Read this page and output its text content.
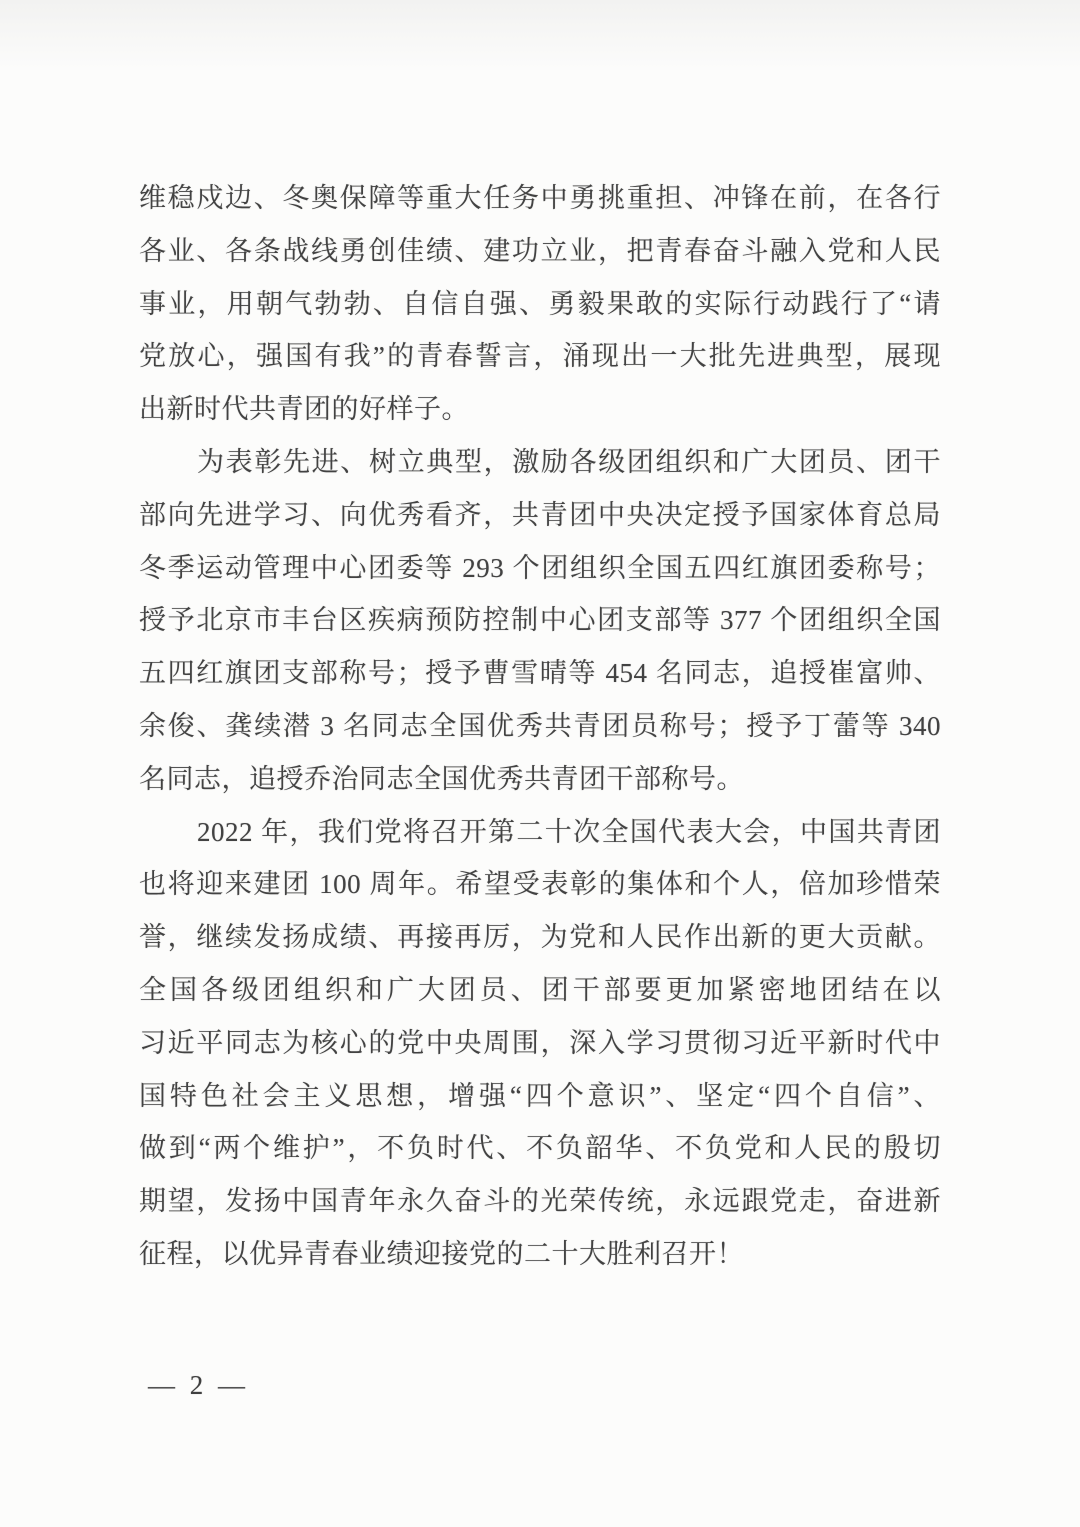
维稳戍边、冬奥保障等重大任务中勇挑重担、冲锋在前，在各行
各业、各条战线勇创佳绩、建功立业，把青春奋斗融入党和人民
事业，用朝气勃勃、自信自强、勇毅果敢的实际行动践行了“请
党放心，强国有我”的青春誓言，涌现出一大批先进典型，展现
出新时代共青团的好样子。
为表彰先进、树立典型，激励各级团组织和广大团员、团干
部向先进学习、向优秀看齐，共青团中央决定授予国家体育总局
冬季运动管理中心团委等 293 个团组织全国五四红旗团委称号；
授予北京市丰台区疾病预防控制中心团支部等 377 个团组织全国
五四红旗团支部称号；授予曹雪晴等 454 名同志，追授崔富帅、
余俊、龚续潜 3 名同志全国优秀共青团员称号；授予丁蕾等 340
名同志，追授乔治同志全国优秀共青团干部称号。
2022 年，我们党将召开第二十次全国代表大会，中国共青团
也将迎来建团 100 周年。希望受表彰的集体和个人，倍加珍惜荣
誉，继续发扬成绩、再接再厉，为党和人民作出新的更大贡献。
全国各级团组织和广大团员、团干部要更加紧密地团结在以
习近平同志为核心的党中央周围，深入学习贯彻习近平新时代中
国特色社会主义思想，增强“四个意识”、坚定“四个自信”、
做到“两个维护”，不负时代、不负韶华、不负党和人民的殷切
期望，发扬中国青年永久奋斗的光荣传统，永远跟党走，奋进新
征程，以优异青春业绩迎接党的二十大胜利召开！
— 2 —
